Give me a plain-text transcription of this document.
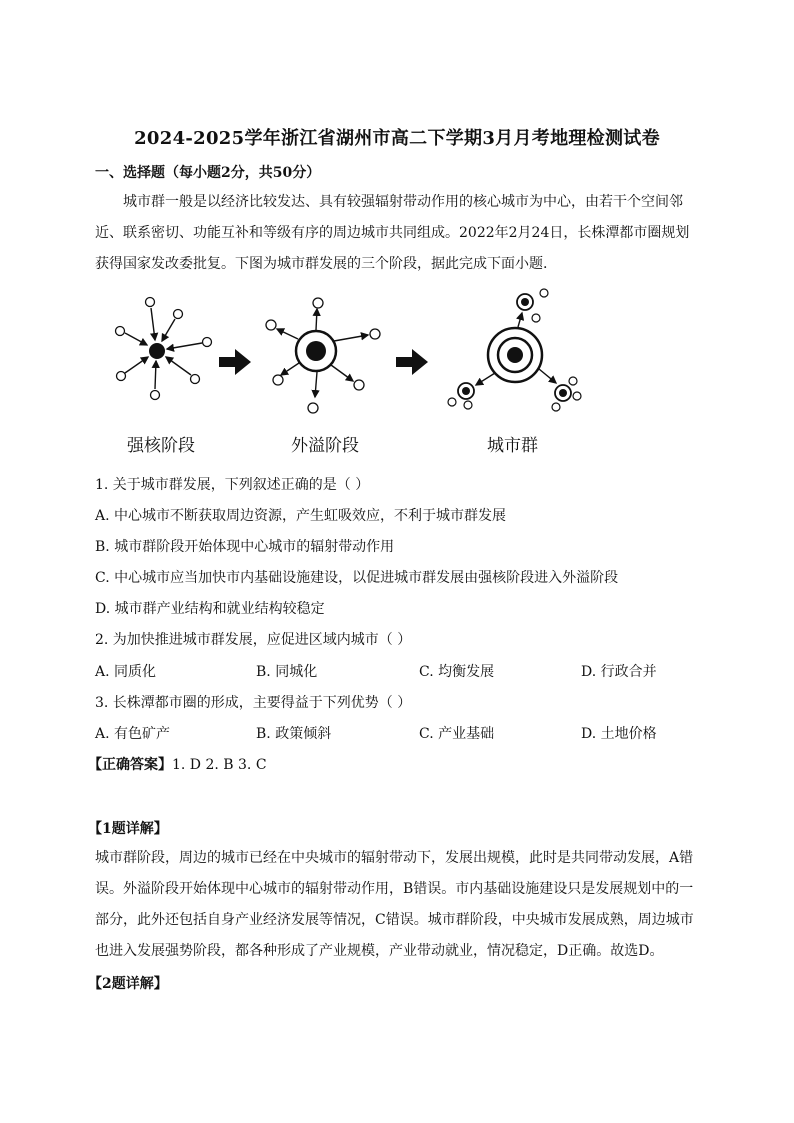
2024-2025学年浙江省湖州市高二下学期3月月考地理检测试卷
一、选择题（每小题2分，共50分）
城市群一般是以经济比较发达、具有较强辐射带动作用的核心城市为中心，由若干个空间邻近、联系密切、功能互补和等级有序的周边城市共同组成。2022年2月24日，长株潭都市圈规划获得国家发改委批复。下图为城市群发展的三个阶段，据此完成下面小题.
强核阶段	外溢阶段	城市群
1. 关于城市群发展，下列叙述正确的是（ ）
A. 中心城市不断获取周边资源，产生虹吸效应，不利于城市群发展
B. 城市群阶段开始体现中心城市的辐射带动作用
C. 中心城市应当加快市内基础设施建设，以促进城市群发展由强核阶段进入外溢阶段
D. 城市群产业结构和就业结构较稳定
2. 为加快推进城市群发展，应促进区域内城市（ ）
A. 同质化	B. 同城化	C. 均衡发展	D. 行政合并
3. 长株潭都市圈的形成，主要得益于下列优势（ ）
A. 有色矿产	B. 政策倾斜	C. 产业基础	D. 土地价格
【正确答案】1. D 2. B 3. C
【1题详解】
城市群阶段，周边的城市已经在中央城市的辐射带动下，发展出规模，此时是共同带动发展，A错误。外溢阶段开始体现中心城市的辐射带动作用，B错误。市内基础设施建设只是发展规划中的一部分，此外还包括自身产业经济发展等情况，C错误。城市群阶段，中央城市发展成熟，周边城市也进入发展强势阶段，都各种形成了产业规模，产业带动就业，情况稳定，D正确。故选D。
【2题详解】
